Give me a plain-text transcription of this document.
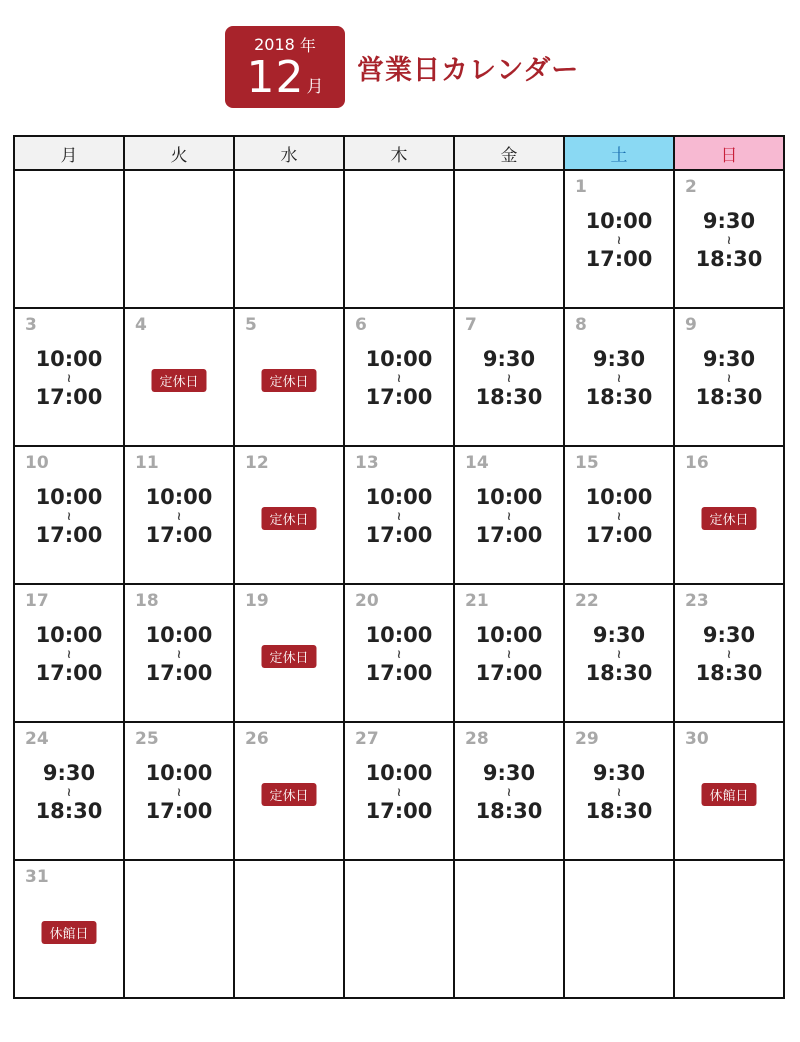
2018 年
12 月
営業日カレンダー
月	火	水	木	金	土	日

					1
10:00
≀
17:00	2
9:30
≀
18:30

3
10:00
≀
17:00	4
定休日	5
定休日	6
10:00
≀
17:00	7
9:30
≀
18:30	8
9:30
≀
18:30	9
9:30
≀
18:30

10
10:00
≀
17:00	11
10:00
≀
17:00	12
定休日	13
10:00
≀
17:00	14
10:00
≀
17:00	15
10:00
≀
17:00	16
定休日

17
10:00
≀
17:00	18
10:00
≀
17:00	19
定休日	20
10:00
≀
17:00	21
10:00
≀
17:00	22
9:30
≀
18:30	23
9:30
≀
18:30

24
9:30
≀
18:30	25
10:00
≀
17:00	26
定休日	27
10:00
≀
17:00	28
9:30
≀
18:30	29
9:30
≀
18:30	30
休館日

31
休館日						
